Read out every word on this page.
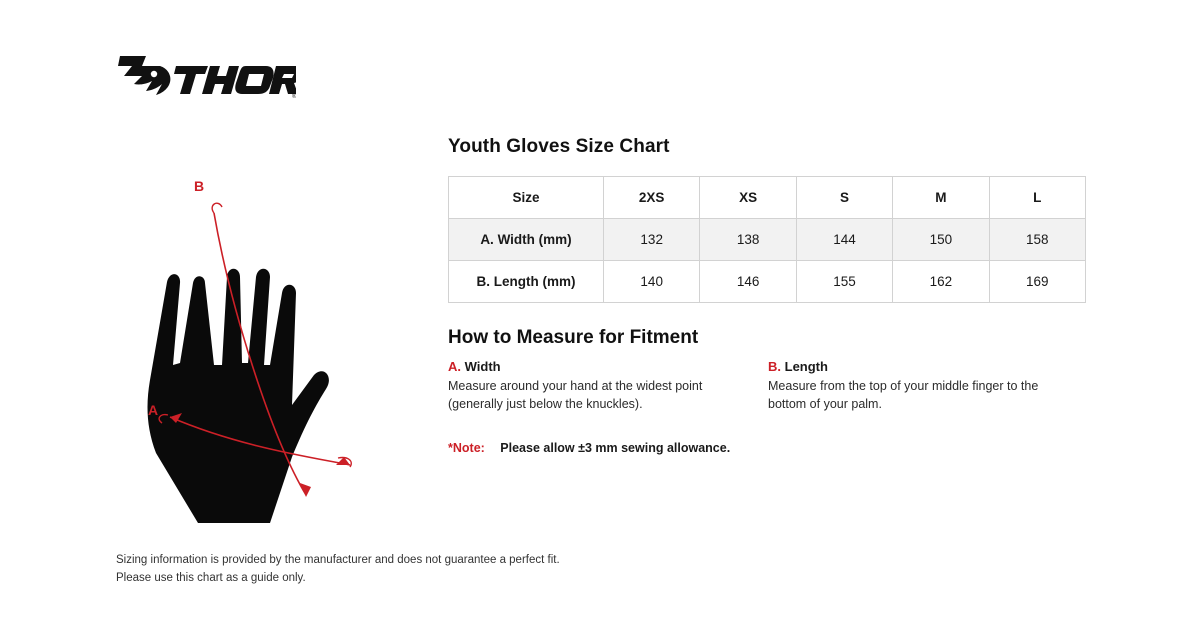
®
B
A
Youth Gloves Size Chart
Size	2XS	XS	S	M	L
A. Width (mm)	132	138	144	150	158
B. Length (mm)	140	146	155	162	169
How to Measure for Fitment
A. Width
Measure around your hand at the widest point (generally just below the knuckles).
B. Length
Measure from the top of your middle finger to the bottom of your palm.
*Note: Please allow ±3 mm sewing allowance.
Sizing information is provided by the manufacturer and does not guarantee a perfect fit.
Please use this chart as a guide only.
